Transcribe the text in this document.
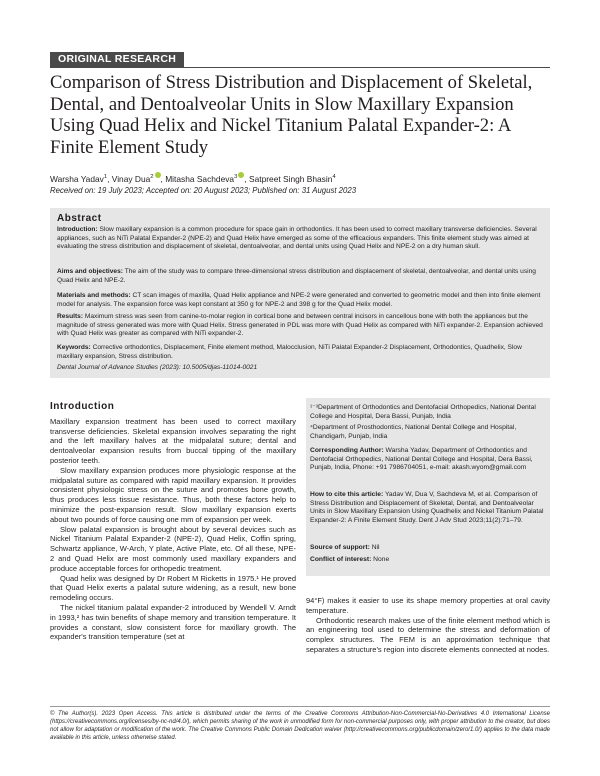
ORIGINAL RESEARCH
Comparison of Stress Distribution and Displacement of Skeletal, Dental, and Dentoalveolar Units in Slow Maxillary Expansion Using Quad Helix and Nickel Titanium Palatal Expander-2: A Finite Element Study
Warsha Yadav$^1$, Vinay Dua$^2$ , Mitasha Sachdeva$^3$ , Satpreet Singh Bhasin$^4$
Received on: 19 July 2023; Accepted on: 20 August 2023; Published on: 31 August 2023
Abstract

Introduction: Slow maxillary expansion is a common procedure for space gain in orthodontics. It has been used to correct maxillary transverse deficiencies. Several appliances, such as NiTi Palatal Expander-2 (NPE-2) and Quad Helix have emerged as some of the efficacious expanders. This finite element study was aimed at evaluating the stress distribution and displacement of skeletal, dentoalveolar, and dental units using Quad Helix and NPE-2 on a dry human skull.

Aims and objectives: The aim of the study was to compare three-dimensional stress distribution and displacement of skeletal, dentoalveolar, and dental units using Quad Helix and NPE-2.

Materials and methods: CT scan images of maxilla, Quad Helix appliance and NPE-2 were generated and converted to geometric model and then into finite element model for analysis. The expansion force was kept constant at 350 g for NPE-2 and 398 g for the Quad Helix model.

Results: Maximum stress was seen from canine-to-molar region in cortical bone and between central incisors in cancellous bone with both the appliances but the magnitude of stress generated was more with Quad Helix. Stress generated in PDL was more with Quad Helix as compared with NiTi expander-2. Expansion achieved with Quad Helix was greater as compared with NiTi expander-2.

Keywords: Corrective orthodontics, Displacement, Finite element method, Malocclusion, NiTi Palatal Expander-2 Displacement, Orthodontics, Quadhelix, Slow maxillary expansion, Stress distribution.

Dental Journal of Advance Studies (2023): 10.5005/djas-11014-0021

Introduction

Maxillary expansion treatment has been used to correct maxillary transverse deficiencies. Skeletal expansion involves separating the right and the left maxillary halves at the midpalatal suture; dental and dentoalveolar expansion results from buccal tipping of the maxillary posterior teeth.

Slow maxillary expansion produces more physiologic response at the midpalatal suture as compared with rapid maxillary expansion. It provides consistent physiologic stress on the suture and promotes bone growth, thus produces less tissue resistance. Thus, both these factors help to minimize the post-expansion result. Slow maxillary expansion exerts about two pounds of force causing one mm of expansion per week.

Slow palatal expansion is brought about by several devices such as Nickel Titanium Palatal Expander-2 (NPE-2), Quad Helix, Coffin spring, Schwartz appliance, W-Arch, Y plate, Active Plate, etc. Of all these, NPE-2 and Quad Helix are most commonly used maxillary expanders and produce acceptable forces for orthopedic treatment.

Quad helix was designed by Dr Robert M Ricketts in 1975.¹ He proved that Quad Helix exerts a palatal suture widening, as a result, new bone remodeling occurs.

The nickel titanium palatal expander-2 introduced by Wendell V. Arndt in 1993,² has twin benefits of shape memory and transition temperature. It provides a constant, slow consistent force for maxillary growth. The expander's transition temperature (set at

¹⁻³Department of Orthodontics and Dentofacial Orthopedics, National Dental College and Hospital, Dera Bassi, Punjab, India

⁴Department of Prosthodontics, National Dental College and Hospital, Chandigarh, Punjab, India

Corresponding Author: Warsha Yadav, Department of Orthodontics and Dentofacial Orthopedics, National Dental College and Hospital, Dera Bassi, Punjab, India, Phone: +91 7986704051, e-mail: akash.wyom@gmail.com

How to cite this article: Yadav W, Dua V, Sachdeva M, et al. Comparison of Stress Distribution and Displacement of Skeletal, Dental, and Dentoalveolar Units in Slow Maxillary Expansion Using Quadhelix and Nickel Titanium Palatal Expander-2: A Finite Element Study. Dent J Adv Stud 2023;11(2):71–79.

Source of support: Nil

Conflict of interest: None

94°F) makes it easier to use its shape memory properties at oral cavity temperature.

Orthodontic research makes use of the finite element method which is an engineering tool used to determine the stress and deformation of complex structures. The FEM is an approximation technique that separates a structure's region into discrete elements connected at nodes.

© The Author(s). 2023 Open Access. This article is distributed under the terms of the Creative Commons Attribution-Non-Commercial-No-Derivatives 4.0 International License (https://creativecommons.org/licenses/by-nc-nd/4.0/), which permits sharing of the work in unmodified form for non-commercial purposes only, with proper attribution to the creator, but does not allow for adaptation or modification of the work. The Creative Commons Public Domain Dedication waiver (http://creativecommons.org/publicdomain/zero/1.0/) applies to the data made available in this article, unless otherwise stated.
